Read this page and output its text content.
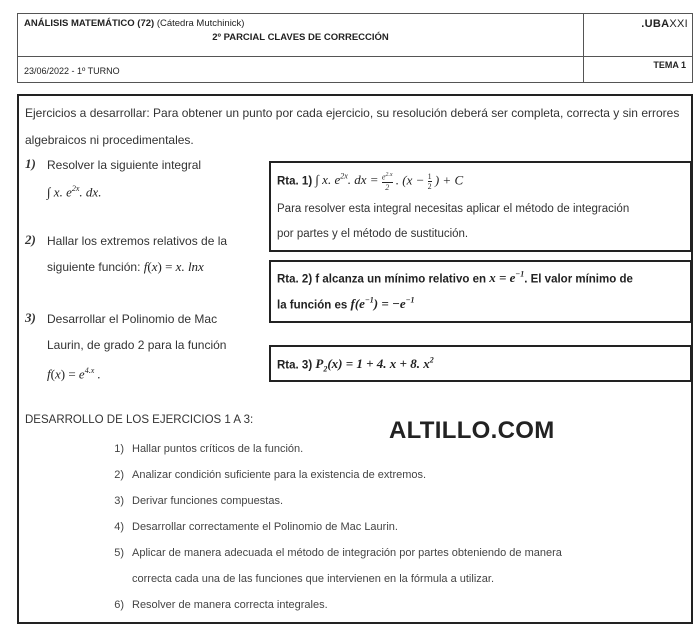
ANÁLISIS MATEMÁTICO (72) (Cátedra Mutchinick)
2º PARCIAL CLAVES DE CORRECCIÓN
.UBAXXI
23/06/2022 - 1º TURNO
TEMA 1
Ejercicios a desarrollar: Para obtener un punto por cada ejercicio, su resolución deberá ser completa, correcta y sin errores algebraicos ni procedimentales.
1) Resolver la siguiente integral
∫ x. $e^{2x}$. dx.
2) Hallar los extremos relativos de la
siguiente función: f(x) = x. lnx
3) Desarrollar el Polinomio de Mac
Laurin, de grado 2 para la función
$f(x) = e^{4.x}$ .
Rta. 1) ∫ x. $e^{2x}$. dx = $\frac{e^{2.x}}{2}$ . ($x - \frac{1}{2}$ ) + C
Para resolver esta integral necesitas aplicar el método de integración
por partes y el método de sustitución.
Rta. 2) f alcanza un mínimo relativo en $x = e^{-1}$. El valor mínimo de
la función es $f(e^{-1}) = -e^{-1}$
Rta. 3) $P_2(x) = 1 + 4$. x + 8. $x^2$
DESARROLLO DE LOS EJERCICIOS 1 A 3:	ALTILLO.COM
1) Hallar puntos críticos de la función.
2) Analizar condición suficiente para la existencia de extremos.
3) Derivar funciones compuestas.
4) Desarrollar correctamente el Polinomio de Mac Laurin.
5) Aplicar de manera adecuada el método de integración por partes obteniendo de manera
correcta cada una de las funciones que intervienen en la fórmula a utilizar.
6) Resolver de manera correcta integrales.
